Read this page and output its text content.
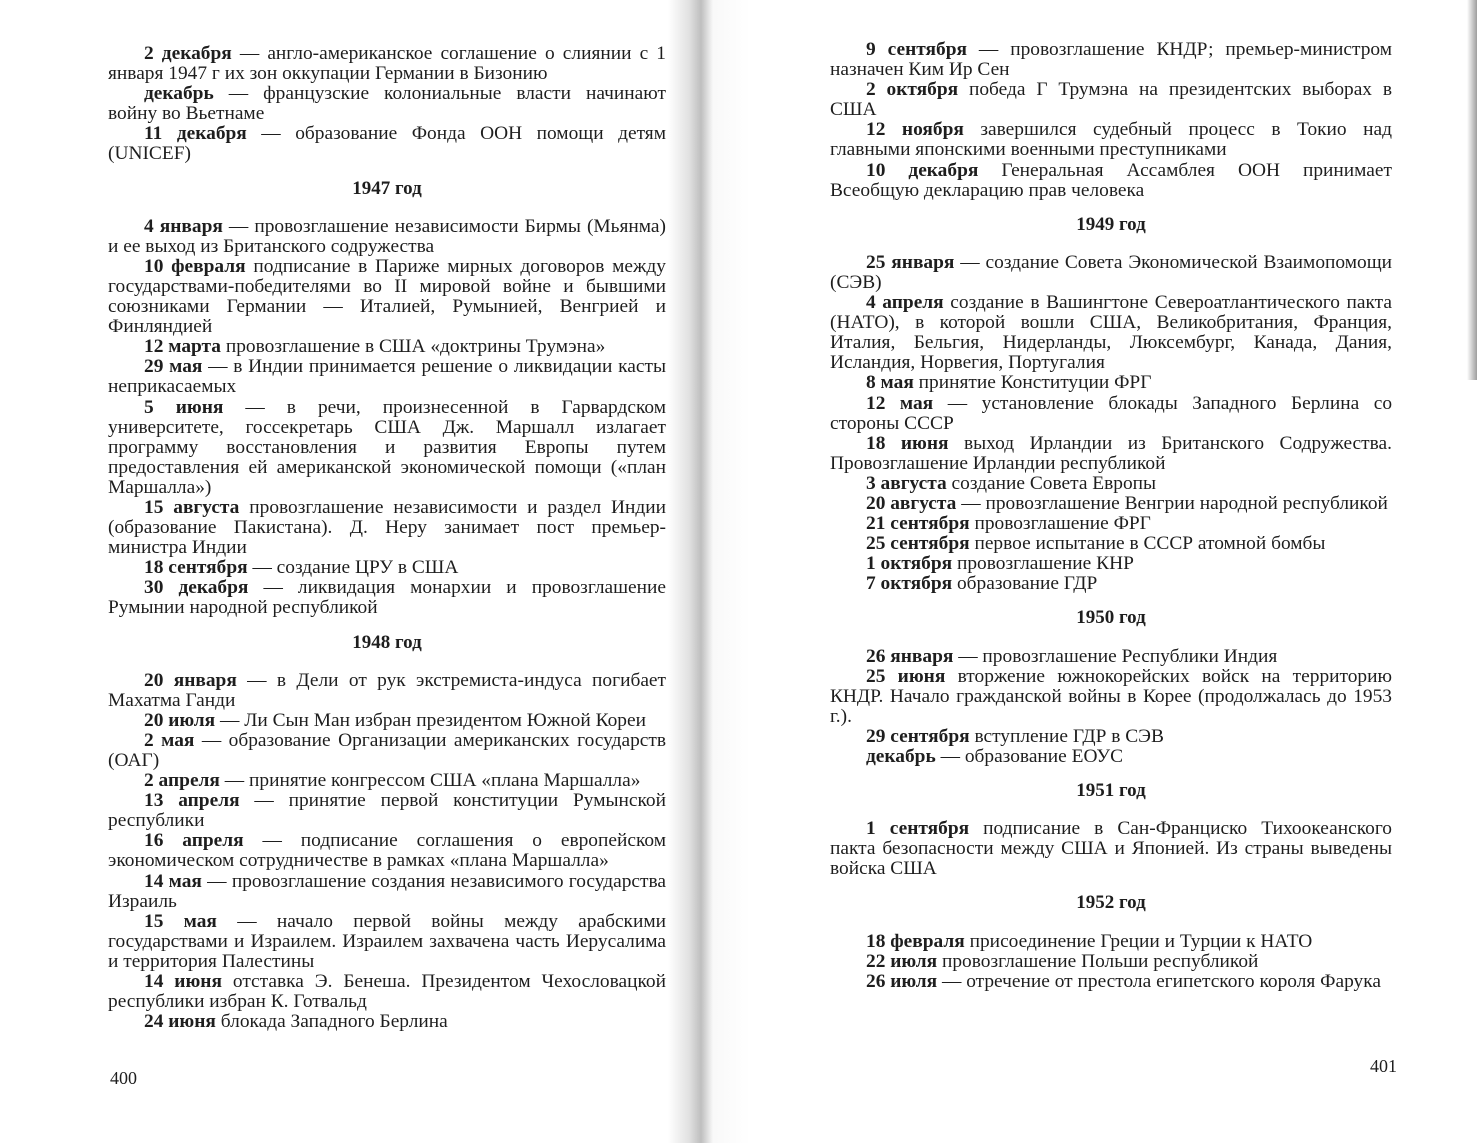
2 декабря — англо-американское соглашение о слиянии с 1 января 1947 г их зон оккупации Германии в Бизонию

декабрь — французские колониальные власти начинают войну во Вьетнаме

11 декабря — образование Фонда ООН помощи детям (UNICEF)

1947 год

4 января — провозглашение независимости Бирмы (Мьянма) и ее выход из Британского содружества

10 февраля подписание в Париже мирных договоров между государствами-победителями во II мировой войне и бывшими союзниками Германии — Италией, Румынией, Венгрией и Финляндией

12 марта провозглашение в США «доктрины Трумэна»

29 мая — в Индии принимается решение о ликвидации касты неприкасаемых

5 июня — в речи, произнесенной в Гарвардском университете, госсекретарь США Дж. Маршалл излагает программу восстановления и развития Европы путем предоставления ей американской экономической помощи («план Маршалла»)

15 августа провозглашение независимости и раздел Индии (образование Пакистана). Д. Неру занимает пост премьер-министра Индии

18 сентября — создание ЦРУ в США

30 декабря — ликвидация монархии и провозглашение Румынии народной республикой

1948 год

20 января — в Дели от рук экстремиста-индуса погибает Махатма Ганди

20 июля — Ли Сын Ман избран президентом Южной Кореи

2 мая — образование Организации американских государств (ОАГ)

2 апреля — принятие конгрессом США «плана Маршалла»

13 апреля — принятие первой конституции Румынской республики

16 апреля — подписание соглашения о европейском экономическом сотрудничестве в рамках «плана Маршалла»

14 мая — провозглашение создания независимого государства Израиль

15 мая — начало первой войны между арабскими государствами и Израилем. Израилем захвачена часть Иерусалима и территория Палестины

14 июня отставка Э. Бенеша. Президентом Чехословацкой республики избран К. Готвальд

24 июня блокада Западного Берлина

400

9 сентября — провозглашение КНДР; премьер-министром назначен Ким Ир Сен

2 октября победа Г Трумэна на президентских выборах в США

12 ноября завершился судебный процесс в Токио над главными японскими военными преступниками

10 декабря Генеральная Ассамблея ООН принимает Всеобщую декларацию прав человека

1949 год

25 января — создание Совета Экономической Взаимопомощи (СЭВ)

4 апреля создание в Вашингтоне Североатлантического пакта (НАТО), в которой вошли США, Великобритания, Франция, Италия, Бельгия, Нидерланды, Люксембург, Канада, Дания, Исландия, Норвегия, Португалия

8 мая принятие Конституции ФРГ

12 мая — установление блокады Западного Берлина со стороны СССР

18 июня выход Ирландии из Британского Содружества. Провозглашение Ирландии республикой

3 августа создание Совета Европы

20 августа — провозглашение Венгрии народной республикой

21 сентября провозглашение ФРГ

25 сентября первое испытание в СССР атомной бомбы

1 октября провозглашение КНР

7 октября образование ГДР

1950 год

26 января — провозглашение Республики Индия

25 июня вторжение южнокорейских войск на территорию КНДР. Начало гражданской войны в Корее (продолжалась до 1953 г.).

29 сентября вступление ГДР в СЭВ

декабрь — образование ЕОУС

1951 год

1 сентября подписание в Сан-Франциско Тихоокеанского пакта безопасности между США и Японией. Из страны выведены войска США

1952 год

18 февраля присоединение Греции и Турции к НАТО

22 июля провозглашение Польши республикой

26 июля — отречение от престола египетского короля Фарука

401
